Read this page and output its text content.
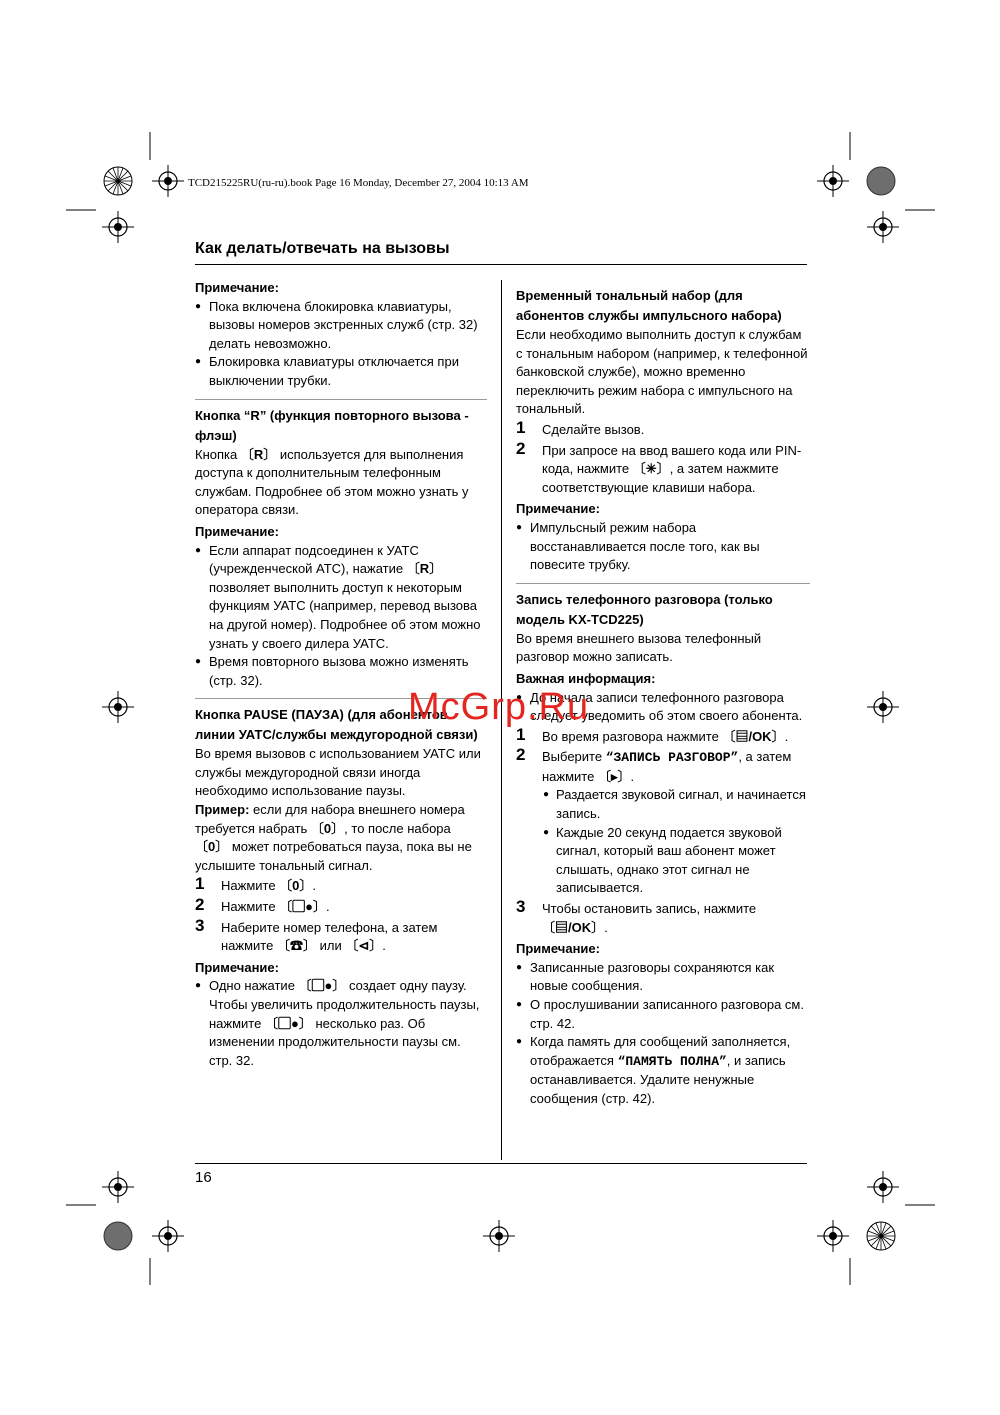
TCD215225RU(ru-ru).book Page 16 Monday, December 27, 2004 10:13 AM
Как делать/отвечать на вызовы

Примечание:

● Пока включена блокировка клавиатуры, вызовы номеров экстренных служб (стр. 32) делать невозможно.

● Блокировка клавиатуры отключается при выключении трубки.

Кнопка “R” (функция повторного вызова - флэш)

Кнопка 〔R〕 используется для выполнения доступа к дополнительным телефонным службам. Подробнее об этом можно узнать у оператора связи.

Примечание:

● Если аппарат подсоединен к УАТС (учрежденческой АТС), нажатие 〔R〕 позволяет выполнить доступ к некоторым функциям УАТС (например, перевод вызова на другой номер). Подробнее об этом можно узнать у своего дилера УАТС.

● Время повторного вызова можно изменять (стр. 32).

Кнопка PAUSE (ПАУЗА) (для абонентов линии УАТС/службы междугородной связи)

Во время вызовов с использованием УАТС или службы междугородной связи иногда необходимо использование паузы.

Пример: если для набора внешнего номера требуется набрать 〔0〕, то после набора 〔0〕 может потребоваться пауза, пока вы не услышите тональный сигнал.

1 Нажмите 〔0〕.

2 Нажмите 〔▢●〕.

3 Наберите номер телефона, а затем нажмите 〔☎〕 или 〔⊲〕.

Примечание:

● Одно нажатие 〔▢●〕 создает одну паузу. Чтобы увеличить продолжительность паузы, нажмите 〔▢●〕 несколько раз. Об изменении продолжительности паузы см. стр. 32.

Временный тональный набор (для абонентов службы импульсного набора)

Если необходимо выполнить доступ к службам с тональным набором (например, к телефонной банковской службе), можно временно переключить режим набора с импульсного на тональный.

1 Сделайте вызов.

2 При запросе на ввод вашего кода или PIN-кода, нажмите 〔✳〕, а затем нажмите соответствующие клавиши набора.

Примечание:

● Импульсный режим набора восстанавливается после того, как вы повесите трубку.

Запись телефонного разговора (только модель KX-TCD225)

Во время внешнего вызова телефонный разговор можно записать.

Важная информация:

● До начала записи телефонного разговора следует уведомить об этом своего абонента.

1 Во время разговора нажмите 〔▤/OK〕.

2 Выберите “ЗАПИСЬ РАЗГОВОР”, а затем нажмите 〔▸〕.

● Раздается звуковой сигнал, и начинается запись.

● Каждые 20 секунд подается звуковой сигнал, который ваш абонент может слышать, однако этот сигнал не записывается.

3 Чтобы остановить запись, нажмите 〔▤/OK〕.

Примечание:

● Записанные разговоры сохраняются как новые сообщения.

● О прослушивании записанного разговора см. стр. 42.

● Когда память для сообщений заполняется, отображается “ПАМЯТЬ ПОЛНА”, и запись останавливается. Удалите ненужные сообщения (стр. 42).

16
McGrp.Ru
